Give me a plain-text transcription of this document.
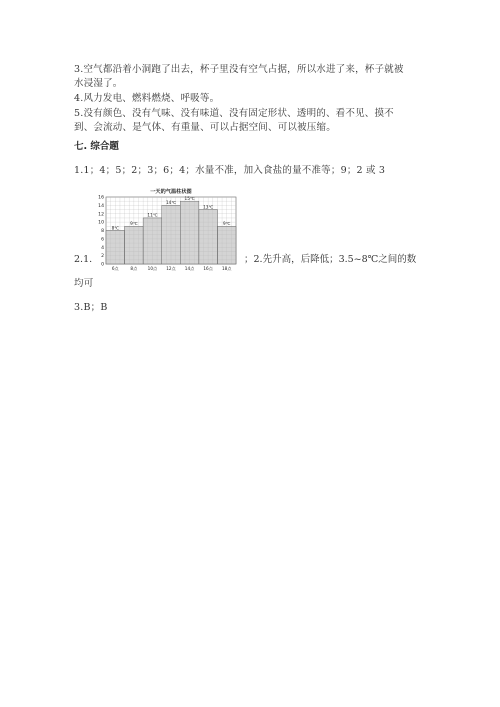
3.空气都沿着小洞跑了出去，杯子里没有空气占据，所以水进了来，杯子就被
水浸湿了。
4.风力发电、燃料燃烧、呼吸等。
5.没有颜色、没有气味、没有味道、没有固定形状、透明的、看不见、摸不
到、会流动、是气体、有重量、可以占据空间、可以被压缩。
七. 综合题
1.1；4；5；2；3；6；4；水量不准，加入食盐的量不准等；9；2 或 3
2.1.
一天的气温柱状图
8℃
9℃
11℃
14℃
15℃
13℃
9℃
0
2
4
6
8
10
12
14
16
6点	8点 10点 12点 14点 16点 18点
；2.先升高，后降低；3.5~8℃之间的数
均可
3.B；B
